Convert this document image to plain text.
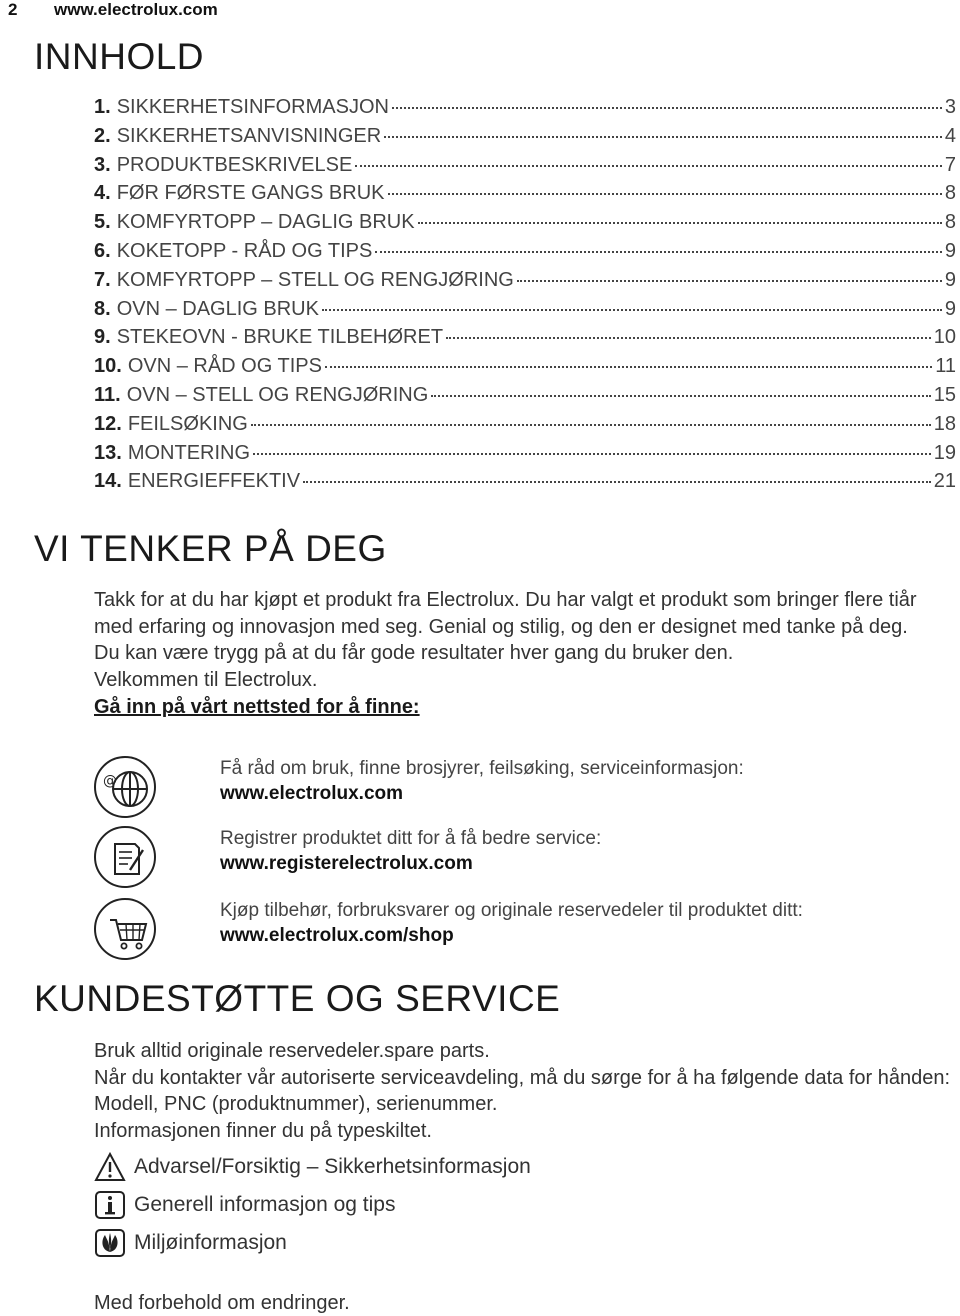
2 www.electrolux.com
INNHOLD
1. SIKKERHETSINFORMASJON	3
2. SIKKERHETSANVISNINGER	4
3. PRODUKTBESKRIVELSE	7
4. FØR FØRSTE GANGS BRUK	8
5. KOMFYRTOPP – DAGLIG BRUK	8
6. KOKETOPP - RÅD OG TIPS	9
7. KOMFYRTOPP – STELL OG RENGJØRING	9
8. OVN – DAGLIG BRUK	9
9. STEKEOVN - BRUKE TILBEHØRET	10
10. OVN – RÅD OG TIPS	11
11. OVN – STELL OG RENGJØRING	15
12. FEILSØKING	18
13. MONTERING	19
14. ENERGIEFFEKTIV	21
VI TENKER PÅ DEG

Takk for at du har kjøpt et produkt fra Electrolux. Du har valgt et produkt som bringer flere tiår med erfaring og innovasjon med seg. Genial og stilig, og den er designet med tanke på deg. Du kan være trygg på at du får gode resultater hver gang du bruker den.

Velkommen til Electrolux.

Gå inn på vårt nettsted for å finne:

@
Få råd om bruk, finne brosjyrer, feilsøking, serviceinformasjon:
www.electrolux.com
Registrer produktet ditt for å få bedre service:
www.registerelectrolux.com
Kjøp tilbehør, forbruksvarer og originale reservedeler til produktet ditt:
www.electrolux.com/shop
KUNDESTØTTE OG SERVICE

Bruk alltid originale reservedeler.spare parts.

Når du kontakter vår autoriserte serviceavdeling, må du sørge for å ha følgende data for hånden: Modell, PNC (produktnummer), serienummer.

Informasjonen finner du på typeskiltet.

Advarsel/Forsiktig – Sikkerhetsinformasjon
Generell informasjon og tips
Miljøinformasjon
Med forbehold om endringer.
